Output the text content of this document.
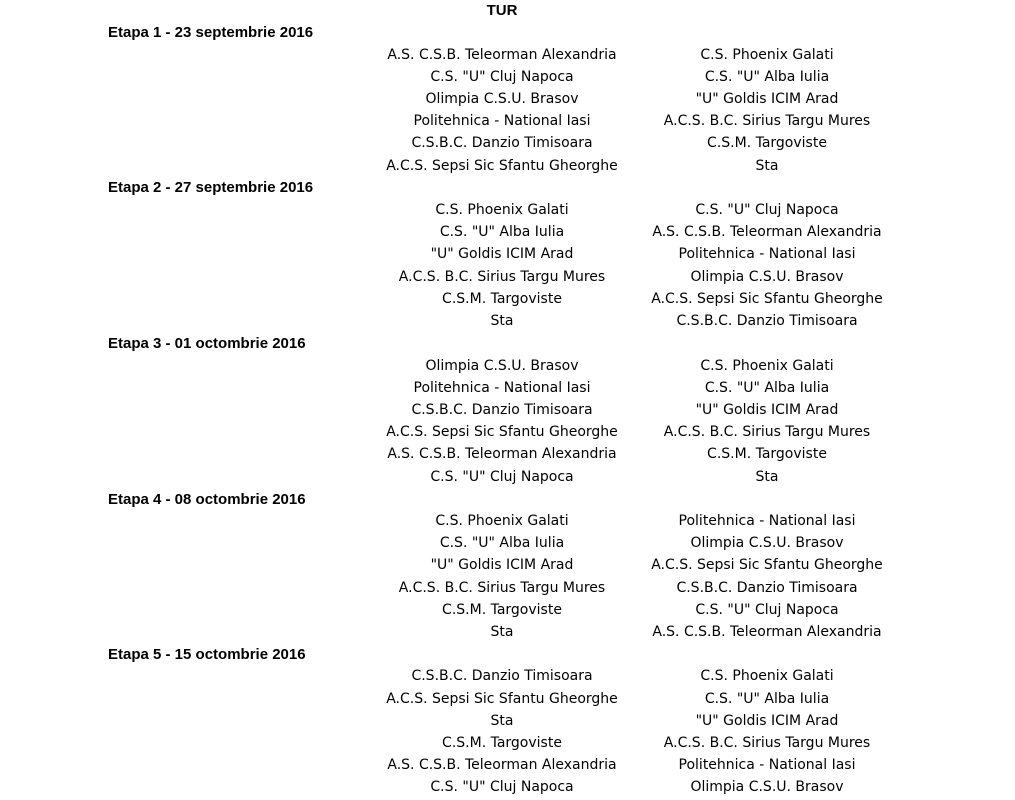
TUR
Etapa 1 - 23 septembrie 2016
A.S. C.S.B. Teleorman Alexandria	C.S. Phoenix Galati
C.S. "U" Cluj Napoca	C.S. "U" Alba Iulia
Olimpia C.S.U. Brasov	"U" Goldis ICIM Arad
Politehnica - National Iasi	A.C.S. B.C. Sirius Targu Mures
C.S.B.C. Danzio Timisoara	C.S.M. Targoviste
A.C.S. Sepsi Sic Sfantu Gheorghe	Sta
Etapa 2 - 27 septembrie 2016
C.S. Phoenix Galati	C.S. "U" Cluj Napoca
C.S. "U" Alba Iulia	A.S. C.S.B. Teleorman Alexandria
"U" Goldis ICIM Arad	Politehnica - National Iasi
A.C.S. B.C. Sirius Targu Mures	Olimpia C.S.U. Brasov
C.S.M. Targoviste	A.C.S. Sepsi Sic Sfantu Gheorghe
Sta	C.S.B.C. Danzio Timisoara
Etapa 3 - 01 octombrie 2016
Olimpia C.S.U. Brasov	C.S. Phoenix Galati
Politehnica - National Iasi	C.S. "U" Alba Iulia
C.S.B.C. Danzio Timisoara	"U" Goldis ICIM Arad
A.C.S. Sepsi Sic Sfantu Gheorghe	A.C.S. B.C. Sirius Targu Mures
A.S. C.S.B. Teleorman Alexandria	C.S.M. Targoviste
C.S. "U" Cluj Napoca	Sta
Etapa 4 - 08 octombrie 2016
C.S. Phoenix Galati	Politehnica - National Iasi
C.S. "U" Alba Iulia	Olimpia C.S.U. Brasov
"U" Goldis ICIM Arad	A.C.S. Sepsi Sic Sfantu Gheorghe
A.C.S. B.C. Sirius Targu Mures	C.S.B.C. Danzio Timisoara
C.S.M. Targoviste	C.S. "U" Cluj Napoca
Sta	A.S. C.S.B. Teleorman Alexandria
Etapa 5 - 15 octombrie 2016
C.S.B.C. Danzio Timisoara	C.S. Phoenix Galati
A.C.S. Sepsi Sic Sfantu Gheorghe	C.S. "U" Alba Iulia
Sta	"U" Goldis ICIM Arad
C.S.M. Targoviste	A.C.S. B.C. Sirius Targu Mures
A.S. C.S.B. Teleorman Alexandria	Politehnica - National Iasi
C.S. "U" Cluj Napoca	Olimpia C.S.U. Brasov
